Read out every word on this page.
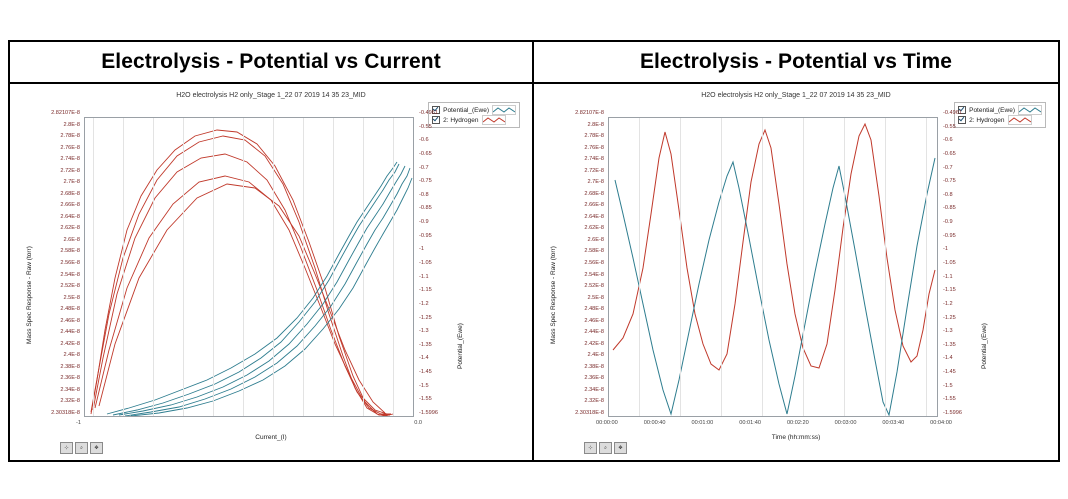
Electrolysis - Potential vs Current
H2O electrolysis H2 only_Stage 1_22 07 2019 14 35 23_MID
Potential_(Ewe)
2: Hydrogen
Mass Spec Response - Raw (torr)
Potential_(Ewe)
2.82107E-8
2.8E-8
2.78E-8
2.76E-8
2.74E-8
2.72E-8
2.7E-8
2.68E-8
2.66E-8
2.64E-8
2.62E-8
2.6E-8
2.58E-8
2.56E-8
2.54E-8
2.52E-8
2.5E-8
2.48E-8
2.46E-8
2.44E-8
2.42E-8
2.4E-8
2.38E-8
2.36E-8
2.34E-8
2.32E-8
2.30318E-8
-0.4961
-0.55
-0.6
-0.65
-0.7
-0.75
-0.8
-0.85
-0.9
-0.95
-1
-1.05
-1.1
-1.15
-1.2
-1.25
-1.3
-1.35
-1.4
-1.45
-1.5
-1.55
-1.5996
-1	0.0
Current_(I)
⊹	⌕	✥
Electrolysis - Potential vs Time
H2O electrolysis H2 only_Stage 1_22 07 2019 14 35 23_MID
Potential_(Ewe)
2: Hydrogen
Mass Spec Response - Raw (torr)
Potential_(Ewe)
2.82107E-8
2.8E-8
2.78E-8
2.76E-8
2.74E-8
2.72E-8
2.7E-8
2.68E-8
2.66E-8
2.64E-8
2.62E-8
2.6E-8
2.58E-8
2.56E-8
2.54E-8
2.52E-8
2.5E-8
2.48E-8
2.46E-8
2.44E-8
2.42E-8
2.4E-8
2.38E-8
2.36E-8
2.34E-8
2.32E-8
2.30318E-8
-0.4961
-0.55
-0.6
-0.65
-0.7
-0.75
-0.8
-0.85
-0.9
-0.95
-1
-1.05
-1.1
-1.15
-1.2
-1.25
-1.3
-1.35
-1.4
-1.45
-1.5
-1.55
-1.5996
00:00:00	00:00:40	00:01:00	00:01:40	00:02:20	00:03:00	00:03:40	00:04:00
Time (hh:mm:ss)
⊹	⌕	✥
